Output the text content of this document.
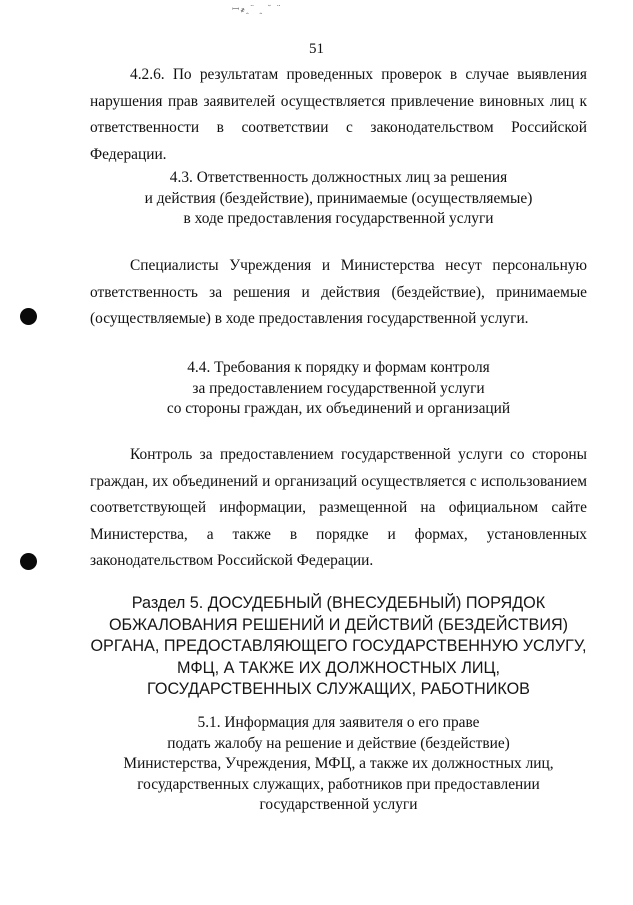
ꟷ҂ꞈ¨ ꞈ ˘ ¨
51

4.2.6. По результатам проведенных проверок в случае выявления нарушения прав заявителей осуществляется привлечение виновных лиц к ответственности в соответствии с законодательством Российской Федерации.

4.3. Ответственность должностных лиц за решения
и действия (бездействие), принимаемые (осуществляемые)
в ходе предоставления государственной услуги

Специалисты Учреждения и Министерства несут персональную ответственность за решения и действия (бездействие), принимаемые (осуществляемые) в ходе предоставления государственной услуги.

4.4. Требования к порядку и формам контроля
за предоставлением государственной услуги
со стороны граждан, их объединений и организаций

Контроль за предоставлением государственной услуги со стороны граждан, их объединений и организаций осуществляется с использованием соответствующей информации, размещенной на официальном сайте Министерства, а также в порядке и формах, установленных законодательством Российской Федерации.

Раздел 5. ДОСУДЕБНЫЙ (ВНЕСУДЕБНЫЙ) ПОРЯДОК
ОБЖАЛОВАНИЯ РЕШЕНИЙ И ДЕЙСТВИЙ (БЕЗДЕЙСТВИЯ)
ОРГАНА, ПРЕДОСТАВЛЯЮЩЕГО ГОСУДАРСТВЕННУЮ УСЛУГУ,
МФЦ, А ТАКЖЕ ИХ ДОЛЖНОСТНЫХ ЛИЦ,
ГОСУДАРСТВЕННЫХ СЛУЖАЩИХ, РАБОТНИКОВ
5.1. Информация для заявителя о его праве
подать жалобу на решение и действие (бездействие)
Министерства, Учреждения, МФЦ, а также их должностных лиц,
государственных служащих, работников при предоставлении
государственной услуги
